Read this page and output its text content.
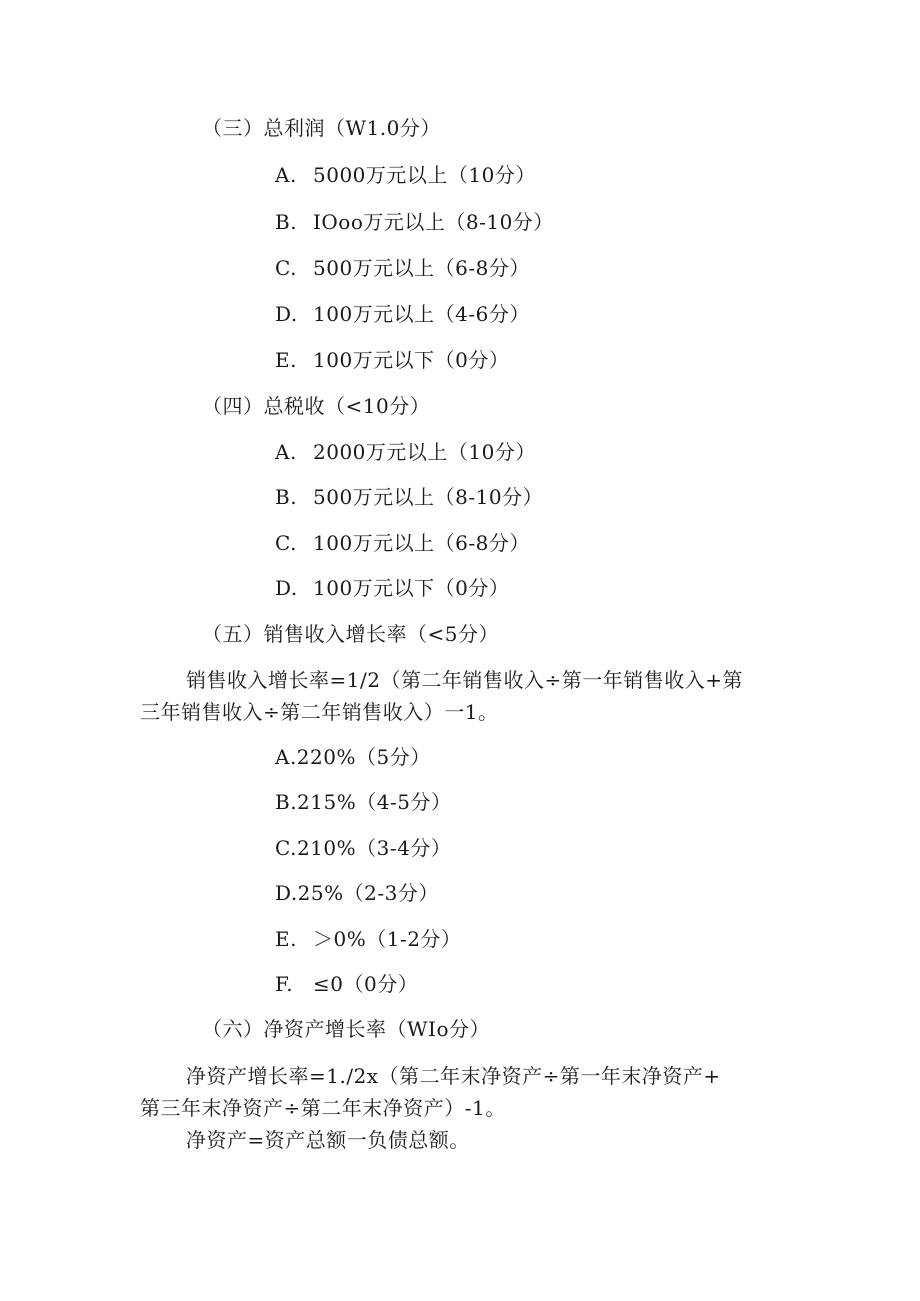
（三）总利润（W1.0分）
A. 5000万元以上（10分）
B. IOoo万元以上（8-10分）
C. 500万元以上（6-8分）
D. 100万元以上（4-6分）
E. 100万元以下（0分）
（四）总税收（<10分）
A. 2000万元以上（10分）
B. 500万元以上（8-10分）
C. 100万元以上（6-8分）
D. 100万元以下（0分）
（五）销售收入增长率（<5分）
销售收入增长率=1/2（第二年销售收入÷第一年销售收入+第
三年销售收入÷第二年销售收入）一1。
A.220%（5分）
B.215%（4-5分）
C.210%（3-4分）
D.25%（2-3分）
E. ＞0%（1-2分）
F. ≤0（0分）
（六）净资产增长率（WIo分）
净资产增长率=1./2x（第二年末净资产÷第一年末净资产+
第三年末净资产÷第二年末净资产）-1。
净资产=资产总额一负债总额。
